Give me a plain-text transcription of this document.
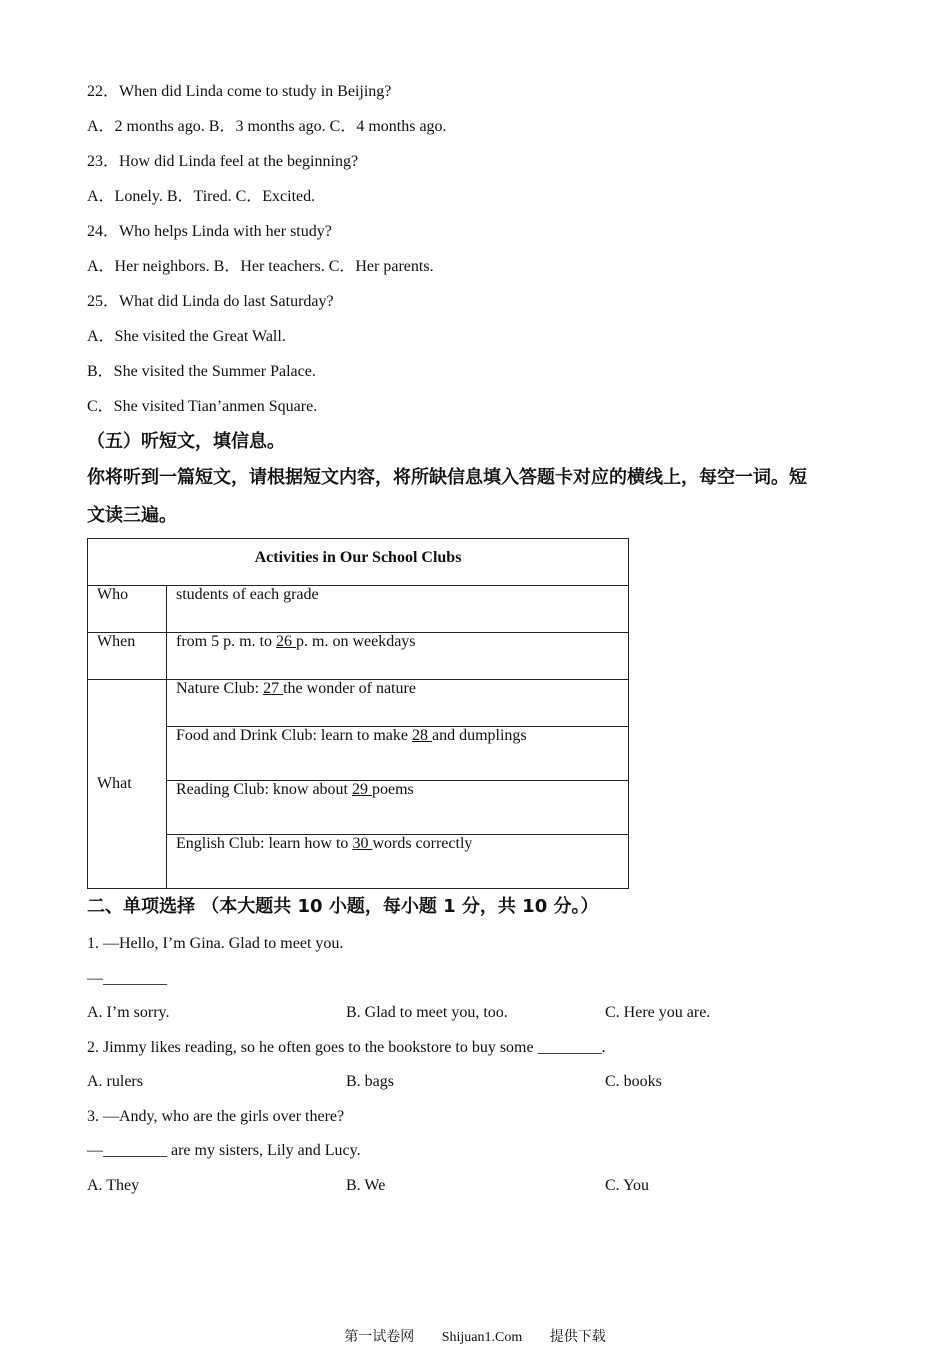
22．When did Linda come to study in Beijing?
A．2 months ago. B．3 months ago. C．4 months ago.
23．How did Linda feel at the beginning?
A．Lonely. B．Tired. C．Excited.
24．Who helps Linda with her study?
A．Her neighbors. B．Her teachers. C．Her parents.
25．What did Linda do last Saturday?
A．She visited the Great Wall.
B．She visited the Summer Palace.
C．She visited Tian’anmen Square.
（五）听短文，填信息。
你将听到一篇短文，请根据短文内容，将所缺信息填入答题卡对应的横线上，每空一词。短
文读三遍。
Activities in Our School Clubs	
Who	students of each grade
When	from 5 p. m. to 26 p. m. on weekdays
What	Nature Club: 27 the wonder of nature
	Food and Drink Club: learn to make 28 and dumplings
	Reading Club: know about 29 poems
	English Club: learn how to 30 words correctly
二、单项选择 （本大题共 10 小题，每小题 1 分，共 10 分。）
1. —Hello, I’m Gina. Glad to meet you.
—________
A. I’m sorry.	B. Glad to meet you, too.	C. Here you are.
2. Jimmy likes reading, so he often goes to the bookstore to buy some ________.
A. rulers	B. bags	C. books
3. —Andy, who are the girls over there?
—________ are my sisters, Lily and Lucy.
A. They	B. We	C. You
第一试卷网 Shijuan1.Com 提供下载
